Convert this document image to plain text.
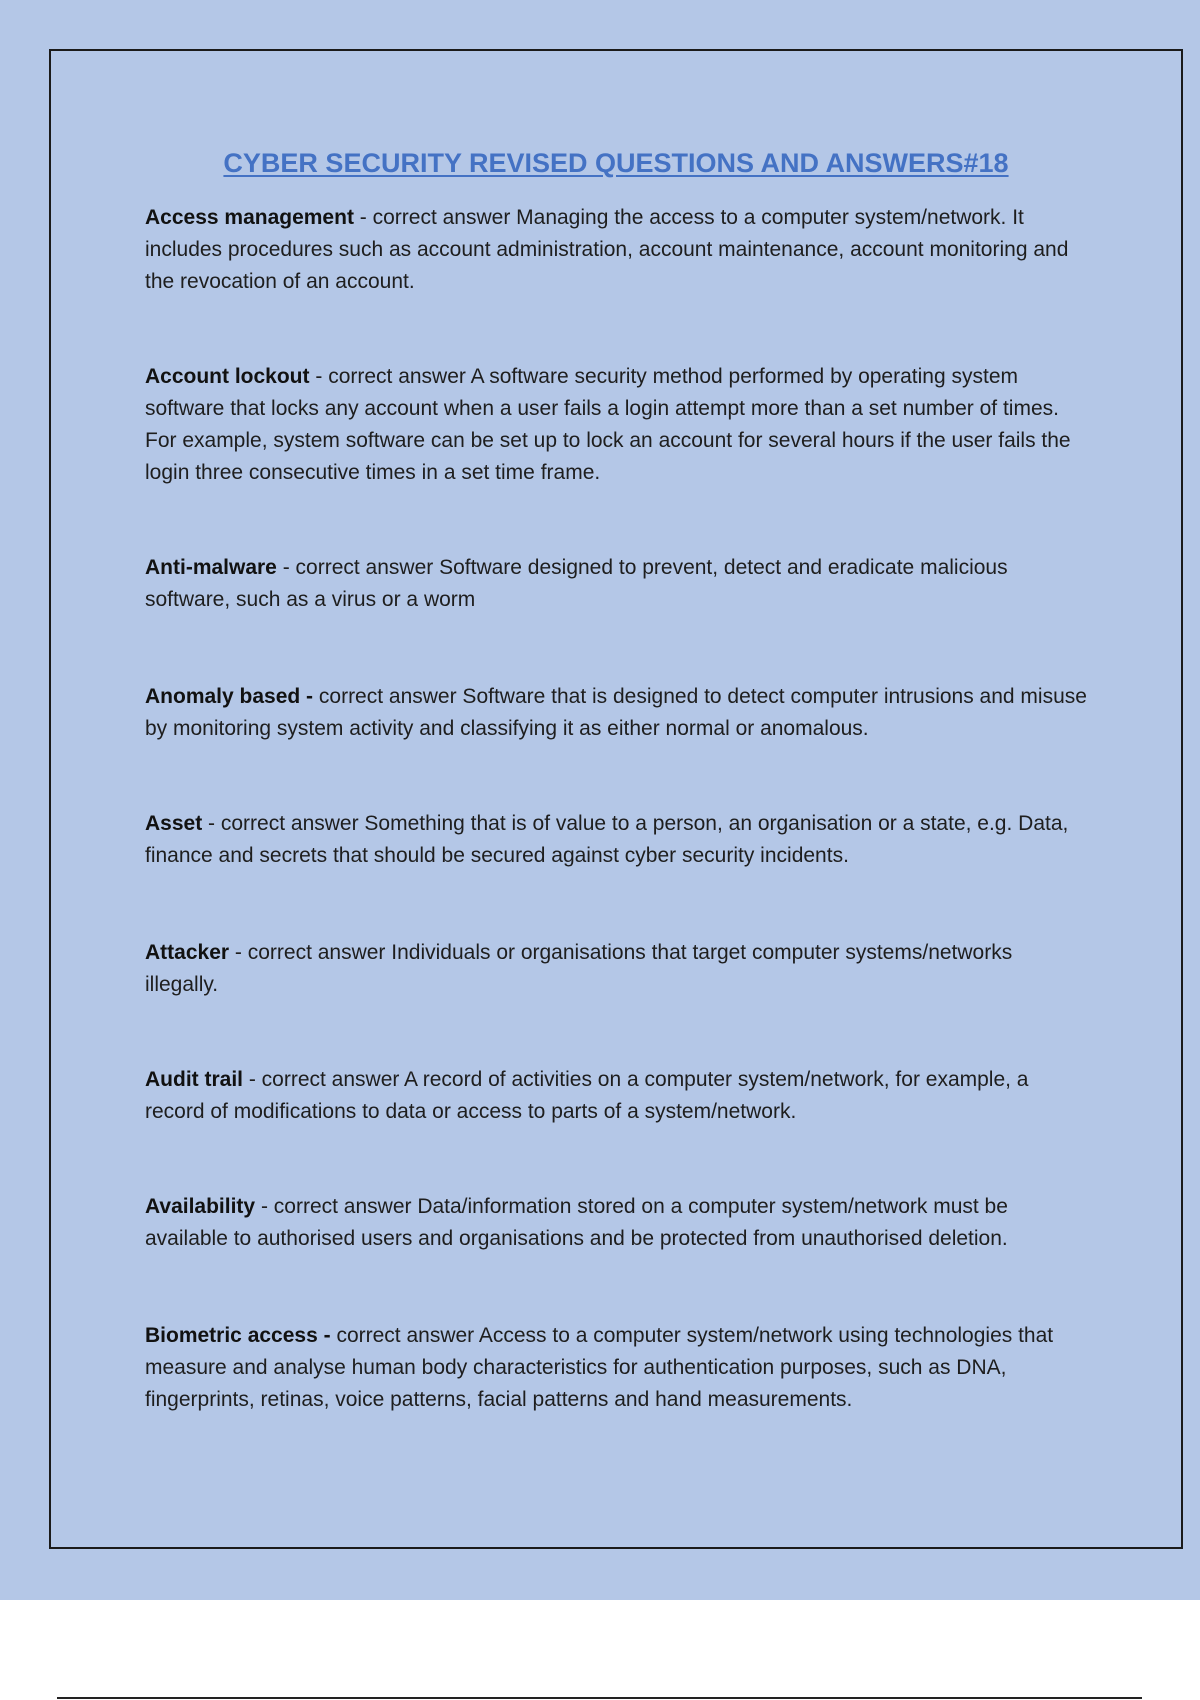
CYBER SECURITY REVISED QUESTIONS AND ANSWERS#18

Access management - correct answer Managing the access to a computer system/network. It includes procedures such as account administration, account maintenance, account monitoring and the revocation of an account.

Account lockout - correct answer A software security method performed by operating system software that locks any account when a user fails a login attempt more than a set number of times. For example, system software can be set up to lock an account for several hours if the user fails the login three consecutive times in a set time frame.

Anti-malware - correct answer Software designed to prevent, detect and eradicate malicious software, such as a virus or a worm

Anomaly based - correct answer Software that is designed to detect computer intrusions and misuse by monitoring system activity and classifying it as either normal or anomalous.

Asset - correct answer Something that is of value to a person, an organisation or a state, e.g. Data, finance and secrets that should be secured against cyber security incidents.

Attacker - correct answer Individuals or organisations that target computer systems/networks illegally.

Audit trail - correct answer A record of activities on a computer system/network, for example, a record of modifications to data or access to parts of a system/network.

Availability - correct answer Data/information stored on a computer system/network must be available to authorised users and organisations and be protected from unauthorised deletion.

Biometric access - correct answer Access to a computer system/network using technologies that measure and analyse human body characteristics for authentication purposes, such as DNA, fingerprints, retinas, voice patterns, facial patterns and hand measurements.
